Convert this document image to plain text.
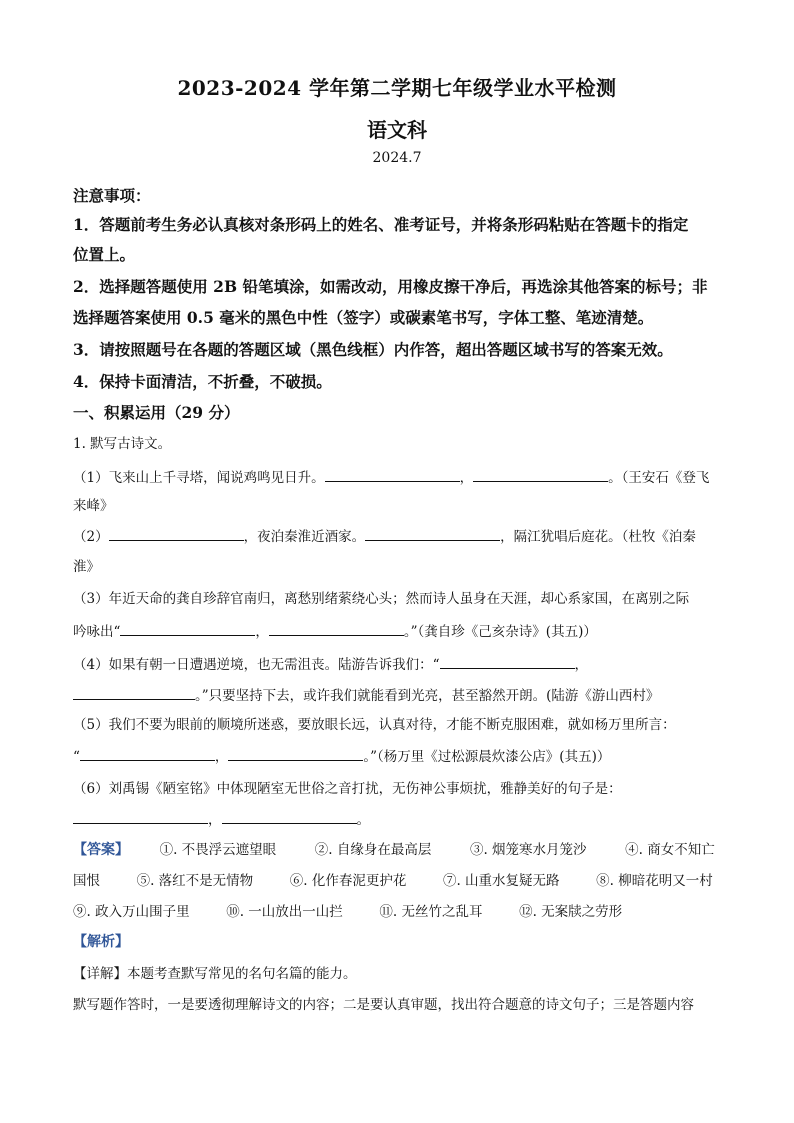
2023-2024 学年第二学期七年级学业水平检测
语文科
2024.7
注意事项：
1．答题前考生务必认真核对条形码上的姓名、准考证号，并将条形码粘贴在答题卡的指定
位置上。
2．选择题答题使用 2B 铅笔填涂，如需改动，用橡皮擦干净后，再选涂其他答案的标号；非
选择题答案使用 0.5 毫米的黑色中性（签字）或碳素笔书写，字体工整、笔迹清楚。
3．请按照题号在各题的答题区域（黑色线框）内作答，超出答题区域书写的答案无效。
4．保持卡面清洁，不折叠，不破损。
一、积累运用（29 分）
1. 默写古诗文。
（1）飞来山上千寻塔，闻说鸡鸣见日升。	，	。（王安石《登飞
来峰》
（2）	，夜泊秦淮近酒家。	，隔江犹唱后庭花。（杜牧《泊秦
淮》
（3）年近天命的龚自珍辞官南归，离愁别绪萦绕心头；然而诗人虽身在天涯，却心系家国，在离别之际
吟咏出“	，	。”（龚自珍《己亥杂诗》(其五)）
（4）如果有朝一日遭遇逆境，也无需沮丧。陆游告诉我们：“	，
。”只要坚持下去，或许我们就能看到光亮，甚至豁然开朗。(陆游《游山西村》
（5）我们不要为眼前的顺境所迷惑，要放眼长远，认真对待，才能不断克服困难，就如杨万里所言：
“	，	。”（杨万里《过松源晨炊漆公店》(其五)）
（6）刘禹锡《陋室铭》中体现陋室无世俗之音打扰，无伤神公事烦扰，雅静美好的句子是：
，	。
【答案】 ①. 不畏浮云遮望眼	②. 自缘身在最高层	③. 烟笼寒水月笼沙	④. 商女不知亡
国恨	⑤. 落红不是无情物	⑥. 化作春泥更护花	⑦. 山重水复疑无路	⑧. 柳暗花明又一村
⑨. 政入万山围子里	⑩. 一山放出一山拦	⑪. 无丝竹之乱耳	⑫. 无案牍之劳形
【解析】
【详解】本题考查默写常见的名句名篇的能力。
默写题作答时，一是要透彻理解诗文的内容；二是要认真审题，找出符合题意的诗文句子；三是答题内容
